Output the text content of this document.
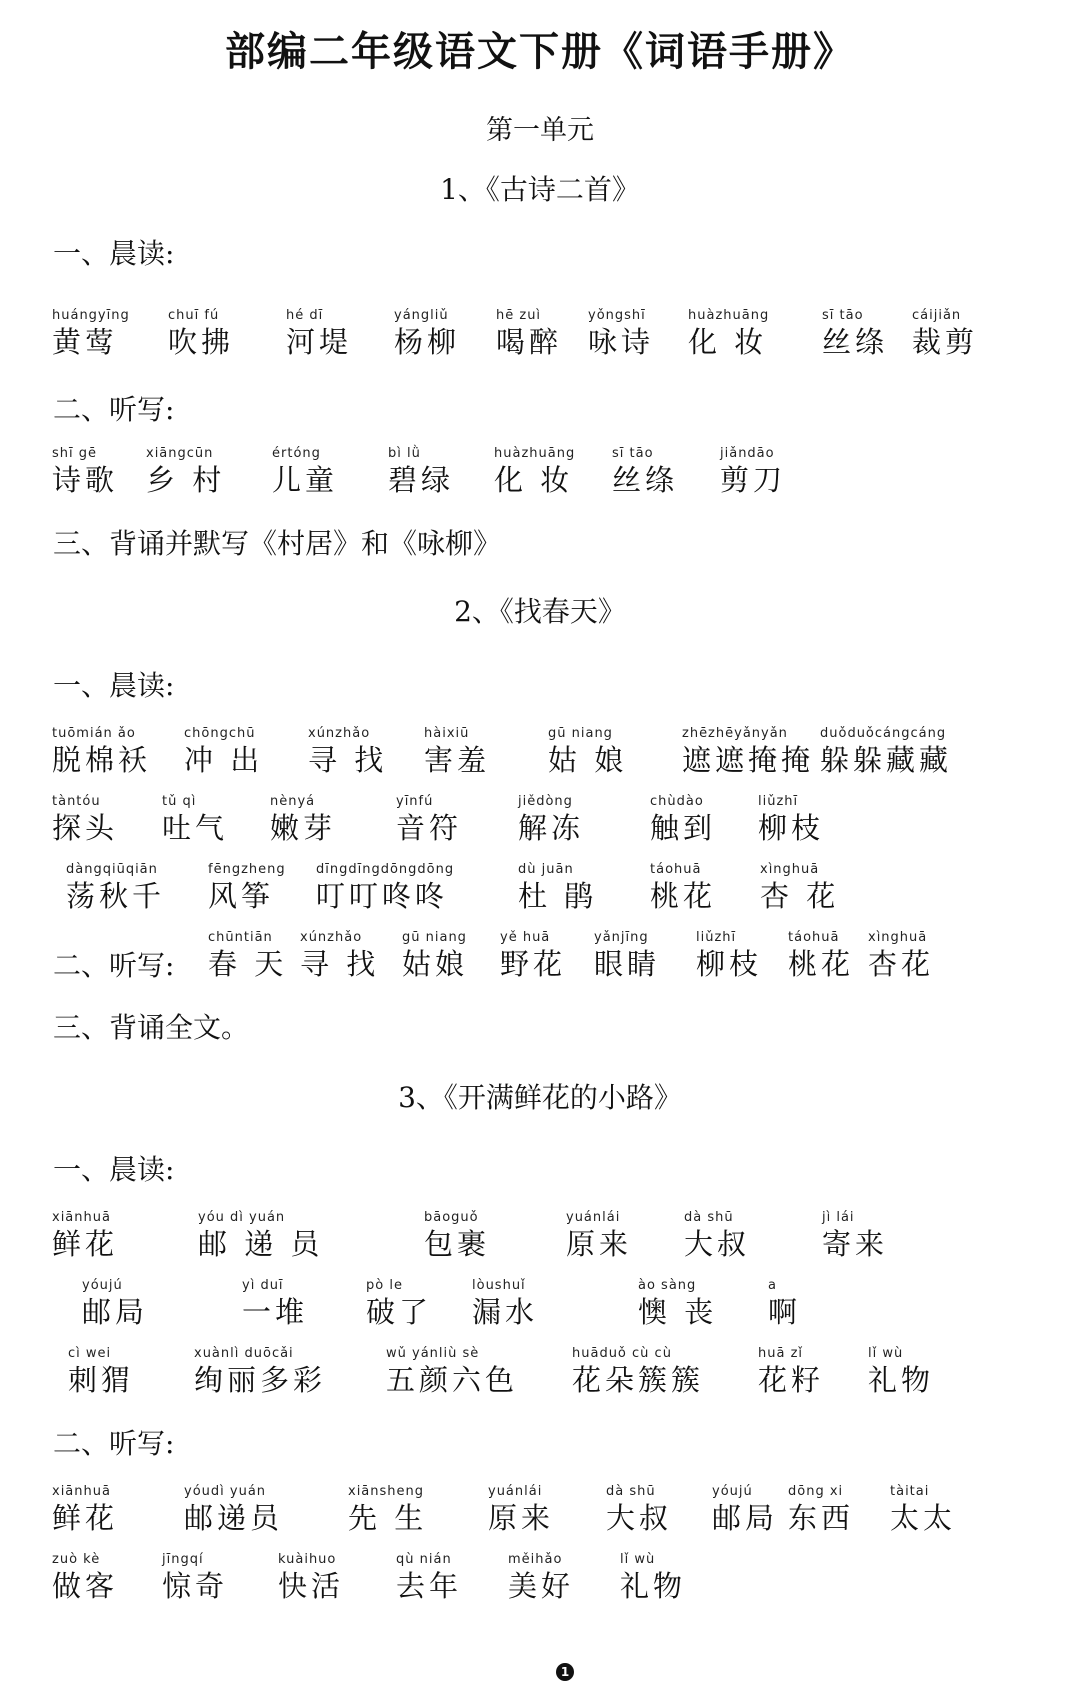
部编二年级语文下册《词语手册》
第一单元
1、《古诗二首》
一、晨读:
huángyīng
黄莺
chuī fú
吹拂
hé dī
河堤
yángliǔ
杨柳
hē zuì
喝醉
yǒngshī
咏诗
huàzhuāng
化 妆
sī tāo
丝绦
cáijiǎn
裁剪
二、听写:
shī gē
诗歌
xiāngcūn
乡 村
értóng
儿童
bì lǜ
碧绿
huàzhuāng
化 妆
sī tāo
丝绦
jiǎndāo
剪刀
三、背诵并默写《村居》和《咏柳》
2、《找春天》
一、晨读:
tuōmián ǎo
脱棉袄
chōngchū
冲 出
xúnzhǎo
寻 找
hàixiū
害羞
gū niang
姑 娘
zhēzhēyǎnyǎn
遮遮掩掩
duǒduǒcángcáng
躲躲藏藏
tàntóu
探头
tǔ qì
吐气
nènyá
嫩芽
yīnfú
音符
jiědòng
解冻
chùdào
触到
liǔzhī
柳枝
dàngqiūqiān
荡秋千
fēngzheng
风筝
dīngdīngdōngdōng
叮叮咚咚
dù juān
杜 鹃
táohuā
桃花
xìnghuā
杏 花
二、听写:
chūntiān
春 天
xúnzhǎo
寻 找
gū niang
姑娘
yě huā
野花
yǎnjīng
眼睛
liǔzhī
柳枝
táohuā
桃花
xìnghuā
杏花
三、背诵全文。
3、《开满鲜花的小路》
一、晨读:
xiānhuā
鲜花
yóu dì yuán
邮 递 员
bāoguǒ
包裹
yuánlái
原来
dà shū
大叔
jì lái
寄来
yóujú
邮局
yì duī
一堆
pò le
破了
lòushuǐ
漏水
ào sàng
懊 丧
a
啊
cì wei
刺猬
xuànlì duōcǎi
绚丽多彩
wǔ yánliù sè
五颜六色
huāduǒ cù cù
花朵簇簇
huā zǐ
花籽
lǐ wù
礼物
二、听写:
xiānhuā
鲜花
yóudì yuán
邮递员
xiānsheng
先 生
yuánlái
原来
dà shū
大叔
yóujú
邮局
dōng xi
东西
tàitai
太太
zuò kè
做客
jīngqí
惊奇
kuàihuo
快活
qù nián
去年
měihǎo
美好
lǐ wù
礼物
1
